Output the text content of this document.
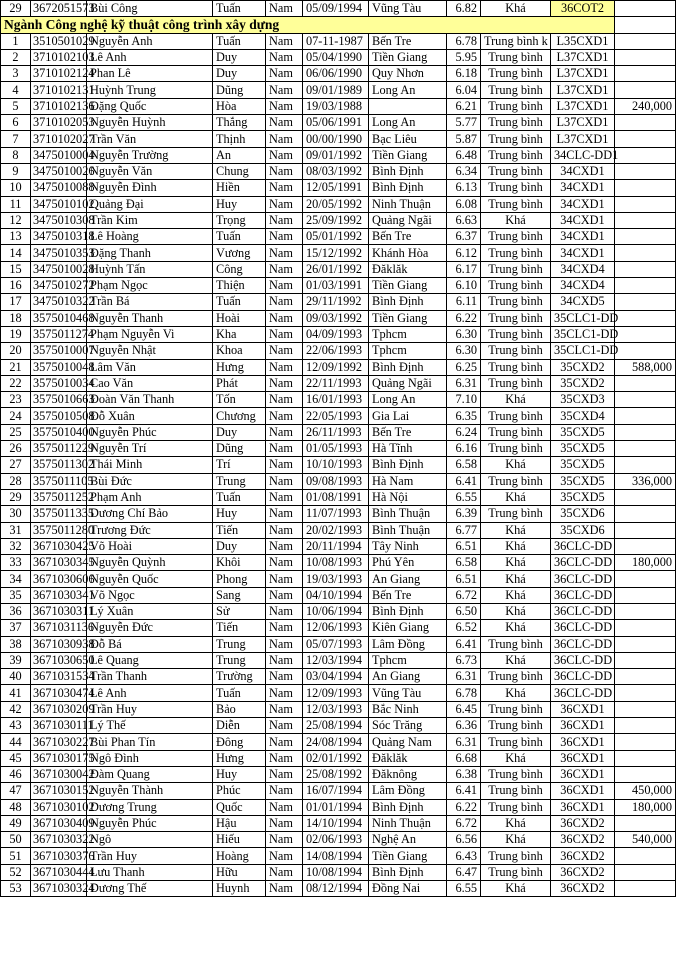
29	3672051573	Bùi Công	Tuấn	Nam	05/09/1994	Vũng Tàu	6.82	Khá	36COT2	
Ngành Công nghệ kỹ thuật công trình xây dựng										
1	3510501029	Nguyễn Anh	Tuấn	Nam	07-11-1987	Bến Tre	6.78	Trung bình k	L35CXD1	
2	3710102103	Lê Anh	Duy	Nam	05/04/1990	Tiền Giang	5.95	Trung bình	L37CXD1	
3	3710102124	Phan Lê	Duy	Nam	06/06/1990	Quy Nhơn	6.18	Trung bình	L37CXD1	
4	3710102131	Huỳnh Trung	Dũng	Nam	09/01/1989	Long An	6.04	Trung bình	L37CXD1	
5	3710102136	Đặng Quốc	Hòa	Nam	19/03/1988		6.21	Trung bình	L37CXD1	240,000
6	3710102053	Nguyễn Huỳnh	Thắng	Nam	05/06/1991	Long An	5.77	Trung bình	L37CXD1	
7	3710102027	Trần Văn	Thịnh	Nam	00/00/1990	Bạc Liêu	5.87	Trung bình	L37CXD1	
8	3475010004	Nguyễn Trường	An	Nam	09/01/1992	Tiền Giang	6.48	Trung bình	34CLC-DD1	
9	3475010026	Nguyễn Văn	Chung	Nam	08/03/1992	Bình Định	6.34	Trung bình	34CXD1	
10	3475010088	Nguyễn Đình	Hiền	Nam	12/05/1991	Bình Định	6.13	Trung bình	34CXD1	
11	3475010102	Quảng Đại	Huy	Nam	20/05/1992	Ninh Thuận	6.08	Trung bình	34CXD1	
12	3475010308	Trần Kim	Trọng	Nam	25/09/1992	Quảng Ngãi	6.63	Khá	34CXD1	
13	3475010318	Lê Hoàng	Tuấn	Nam	05/01/1992	Bến Tre	6.37	Trung bình	34CXD1	
14	3475010353	Đặng Thanh	Vương	Nam	15/12/1992	Khánh Hòa	6.12	Trung bình	34CXD1	
15	3475010028	Huỳnh Tấn	Công	Nam	26/01/1992	Đăklăk	6.17	Trung bình	34CXD4	
16	3475010272	Phạm Ngọc	Thiện	Nam	01/03/1991	Tiền Giang	6.10	Trung bình	34CXD4	
17	3475010322	Trần Bá	Tuấn	Nam	29/11/1992	Bình Định	6.11	Trung bình	34CXD5	
18	3575010468	Nguyễn Thanh	Hoài	Nam	09/03/1992	Tiền Giang	6.22	Trung bình	35CLC1-DD	
19	3575011274	Phạm Nguyễn Vi	Kha	Nam	04/09/1993	Tphcm	6.30	Trung bình	35CLC1-DD	
20	3575010007	Nguyễn Nhật	Khoa	Nam	22/06/1993	Tphcm	6.30	Trung bình	35CLC1-DD	
21	3575010048	Lâm Văn	Hưng	Nam	12/09/1992	Bình Định	6.25	Trung bình	35CXD2	588,000
22	3575010034	Cao Văn	Phát	Nam	22/11/1993	Quảng Ngãi	6.31	Trung bình	35CXD2	
23	3575010663	Đoàn Văn Thanh	Tốn	Nam	16/01/1993	Long An	7.10	Khá	35CXD3	
24	3575010508	Đỗ Xuân	Chương	Nam	22/05/1993	Gia Lai	6.35	Trung bình	35CXD4	
25	3575010400	Nguyễn Phúc	Duy	Nam	26/11/1993	Bến Tre	6.24	Trung bình	35CXD5	
26	3575011229	Nguyễn Trí	Dũng	Nam	01/05/1993	Hà Tĩnh	6.16	Trung bình	35CXD5	
27	3575011302	Thái Minh	Trí	Nam	10/10/1993	Bình Định	6.58	Khá	35CXD5	
28	3575011105	Bùi Đức	Trung	Nam	09/08/1993	Hà Nam	6.41	Trung bình	35CXD5	336,000
29	3575011252	Phạm Anh	Tuấn	Nam	01/08/1991	Hà Nội	6.55	Khá	35CXD5	
30	3575011335	Dương Chí Bảo	Huy	Nam	11/07/1993	Bình Thuận	6.39	Trung bình	35CXD6	
31	3575011280	Trương Đức	Tiến	Nam	20/02/1993	Bình Thuận	6.77	Khá	35CXD6	
32	3671030425	Võ Hoài	Duy	Nam	20/11/1994	Tây Ninh	6.51	Khá	36CLC-DD	
33	3671030345	Nguyễn Quỳnh	Khôi	Nam	10/08/1993	Phú Yên	6.58	Khá	36CLC-DD	180,000
34	3671030606	Nguyễn Quốc	Phong	Nam	19/03/1993	An Giang	6.51	Khá	36CLC-DD	
35	3671030341	Võ Ngọc	Sang	Nam	04/10/1994	Bến Tre	6.72	Khá	36CLC-DD	
36	3671030311	Lý Xuân	Sử	Nam	10/06/1994	Bình Định	6.50	Khá	36CLC-DD	
37	3671031136	Nguyễn Đức	Tiến	Nam	12/06/1993	Kiên Giang	6.52	Khá	36CLC-DD	
38	3671030938	Đỗ Bá	Trung	Nam	05/07/1993	Lâm Đồng	6.41	Trung bình	36CLC-DD	
39	3671030650	Lê Quang	Trung	Nam	12/03/1994	Tphcm	6.73	Khá	36CLC-DD	
40	3671031534	Trần Thanh	Trường	Nam	03/04/1994	An Giang	6.31	Trung bình	36CLC-DD	
41	3671030474	Lê Anh	Tuấn	Nam	12/09/1993	Vũng Tàu	6.78	Khá	36CLC-DD	
42	3671030209	Trần Huy	Bảo	Nam	12/03/1993	Bắc Ninh	6.45	Trung bình	36CXD1	
43	3671030111	Lý Thế	Diễn	Nam	25/08/1994	Sóc Trăng	6.36	Trung bình	36CXD1	
44	3671030227	Bùi Phan Tín	Đông	Nam	24/08/1994	Quảng Nam	6.31	Trung bình	36CXD1	
45	3671030175	Ngô Đình	Hưng	Nam	02/01/1992	Đăklăk	6.68	Khá	36CXD1	
46	3671030042	Đàm Quang	Huy	Nam	25/08/1992	Đăknông	6.38	Trung bình	36CXD1	
47	3671030152	Nguyễn Thành	Phúc	Nam	16/07/1994	Lâm Đồng	6.41	Trung bình	36CXD1	450,000
48	3671030102	Dương Trung	Quốc	Nam	01/01/1994	Bình Định	6.22	Trung bình	36CXD1	180,000
49	3671030409	Nguyễn Phúc	Hậu	Nam	14/10/1994	Ninh Thuận	6.72	Khá	36CXD2	
50	3671030322	Ngô	Hiếu	Nam	02/06/1993	Nghệ An	6.56	Khá	36CXD2	540,000
51	3671030376	Trần Huy	Hoàng	Nam	14/08/1994	Tiền Giang	6.43	Trung bình	36CXD2	
52	3671030444	Lưu Thanh	Hữu	Nam	10/08/1994	Bình Định	6.47	Trung bình	36CXD2	
53	3671030324	Dương Thế	Huynh	Nam	08/12/1994	Đồng Nai	6.55	Khá	36CXD2	
